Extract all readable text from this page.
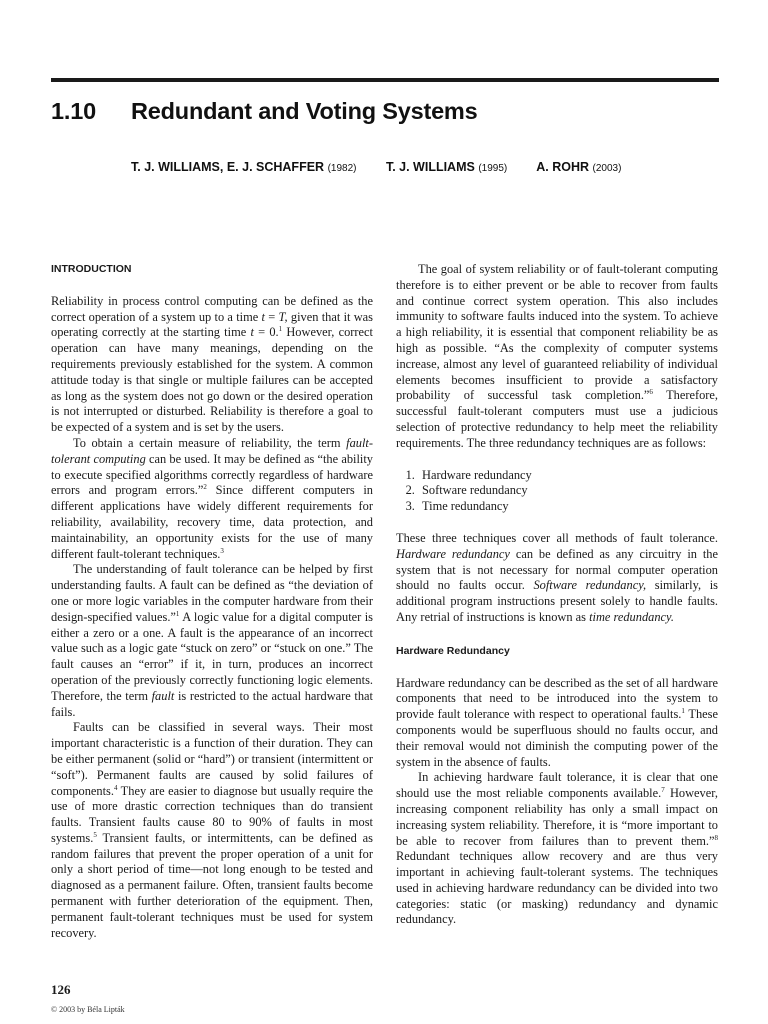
1.10 Redundant and Voting Systems
T. J. WILLIAMS, E. J. SCHAFFER (1982) T. J. WILLIAMS (1995) A. ROHR (2003)
INTRODUCTION

Reliability in process control computing can be defined as the correct operation of a system up to a time t = T, given that it was operating correctly at the starting time t = 0.$^1$ However, correct operation can have many meanings, depending on the requirements previously established for the system. A common attitude today is that single or multiple failures can be accepted as long as the system does not go down or the desired operation is not interrupted or disturbed. Reliability is therefore a goal to be expected of a system and is set by the users.

To obtain a certain measure of reliability, the term fault-tolerant computing can be used. It may be defined as “the ability to execute specified algorithms correctly regardless of hardware errors and program errors.”$^2$ Since different computers in different applications have widely different requirements for reliability, availability, recovery time, data protection, and maintainability, an opportunity exists for the use of many different fault-tolerant techniques.$^3$

The understanding of fault tolerance can be helped by first understanding faults. A fault can be defined as “the deviation of one or more logic variables in the computer hardware from their design-specified values.”$^1$ A logic value for a digital computer is either a zero or a one. A fault is the appearance of an incorrect value such as a logic gate “stuck on zero” or “stuck on one.” The fault causes an “error” if it, in turn, produces an incorrect operation of the previously correctly functioning logic elements. Therefore, the term fault is restricted to the actual hardware that fails.

Faults can be classified in several ways. Their most important characteristic is a function of their duration. They can be either permanent (solid or “hard”) or transient (intermittent or “soft”). Permanent faults are caused by solid failures of components.$^4$ They are easier to diagnose but usually require the use of more drastic correction techniques than do transient faults. Transient faults cause 80 to 90% of faults in most systems.$^5$ Transient faults, or intermittents, can be defined as random failures that prevent the proper operation of a unit for only a short period of time—not long enough to be tested and diagnosed as a permanent failure. Often, transient faults become permanent with further deterioration of the equipment. Then, permanent fault-tolerant techniques must be used for system recovery.

The goal of system reliability or of fault-tolerant computing therefore is to either prevent or be able to recover from faults and continue correct system operation. This also includes immunity to software faults induced into the system. To achieve a high reliability, it is essential that component reliability be as high as possible. “As the complexity of computer systems increase, almost any level of guaranteed reliability of individual elements becomes insufficient to provide a satisfactory probability of successful task completion.”$^6$ Therefore, successful fault-tolerant computers must use a judicious selection of protective redundancy to help meet the reliability requirements. The three redundancy techniques are as follows:

1. Hardware redundancy
2. Software redundancy
3. Time redundancy

These three techniques cover all methods of fault tolerance. Hardware redundancy can be defined as any circuitry in the system that is not necessary for normal computer operation should no faults occur. Software redundancy, similarly, is additional program instructions present solely to handle faults. Any retrial of instructions is known as time redundancy.

Hardware Redundancy

Hardware redundancy can be described as the set of all hardware components that need to be introduced into the system to provide fault tolerance with respect to operational faults.$^1$ These components would be superfluous should no faults occur, and their removal would not diminish the computing power of the system in the absence of faults.

In achieving hardware fault tolerance, it is clear that one should use the most reliable components available.$^7$ However, increasing component reliability has only a small impact on increasing system reliability. Therefore, it is “more important to be able to recover from failures than to prevent them.”$^8$ Redundant techniques allow recovery and are thus very important in achieving fault-tolerant systems. The techniques used in achieving hardware redundancy can be divided into two categories: static (or masking) redundancy and dynamic redundancy.

126
© 2003 by Béla Lipták
